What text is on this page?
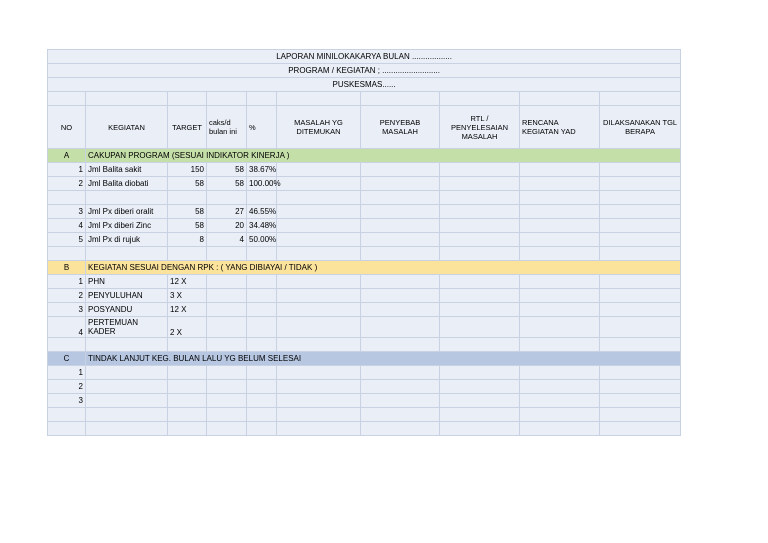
LAPORAN MINILOKAKARYA BULAN ..................									
PROGRAM / KEGIATAN ; ..........................									
PUSKESMAS......									

NO	KEGIATAN	TARGET	caks/d bulan ini	%	MASALAH YG DITEMUKAN	PENYEBAB MASALAH	RTL / PENYELESAIAN MASALAH	RENCANA KEGIATAN YAD	DILAKSANAKAN TGL BERAPA
A	CAKUPAN PROGRAM (SESUAI INDIKATOR KINERJA )								
1	Jml Balita sakit	150	58	38.67%					
2	Jml Balita diobati	58	58	100.00%					

3	Jml Px diberi oralit	58	27	46.55%					
4	Jml Px diberi Zinc	58	20	34.48%					
5	Jml Px di rujuk	8	4	50.00%					

B	KEGIATAN SESUAI DENGAN RPK : ( YANG DIBIAYAI / TIDAK )								
1	PHN	12 X							
2	PENYULUHAN	3 X							
3	POSYANDU	12 X							
4	PERTEMUAN KADER	2 X							

C	TINDAK LANJUT KEG. BULAN LALU YG BELUM SELESAI								
1									
2									
3									
